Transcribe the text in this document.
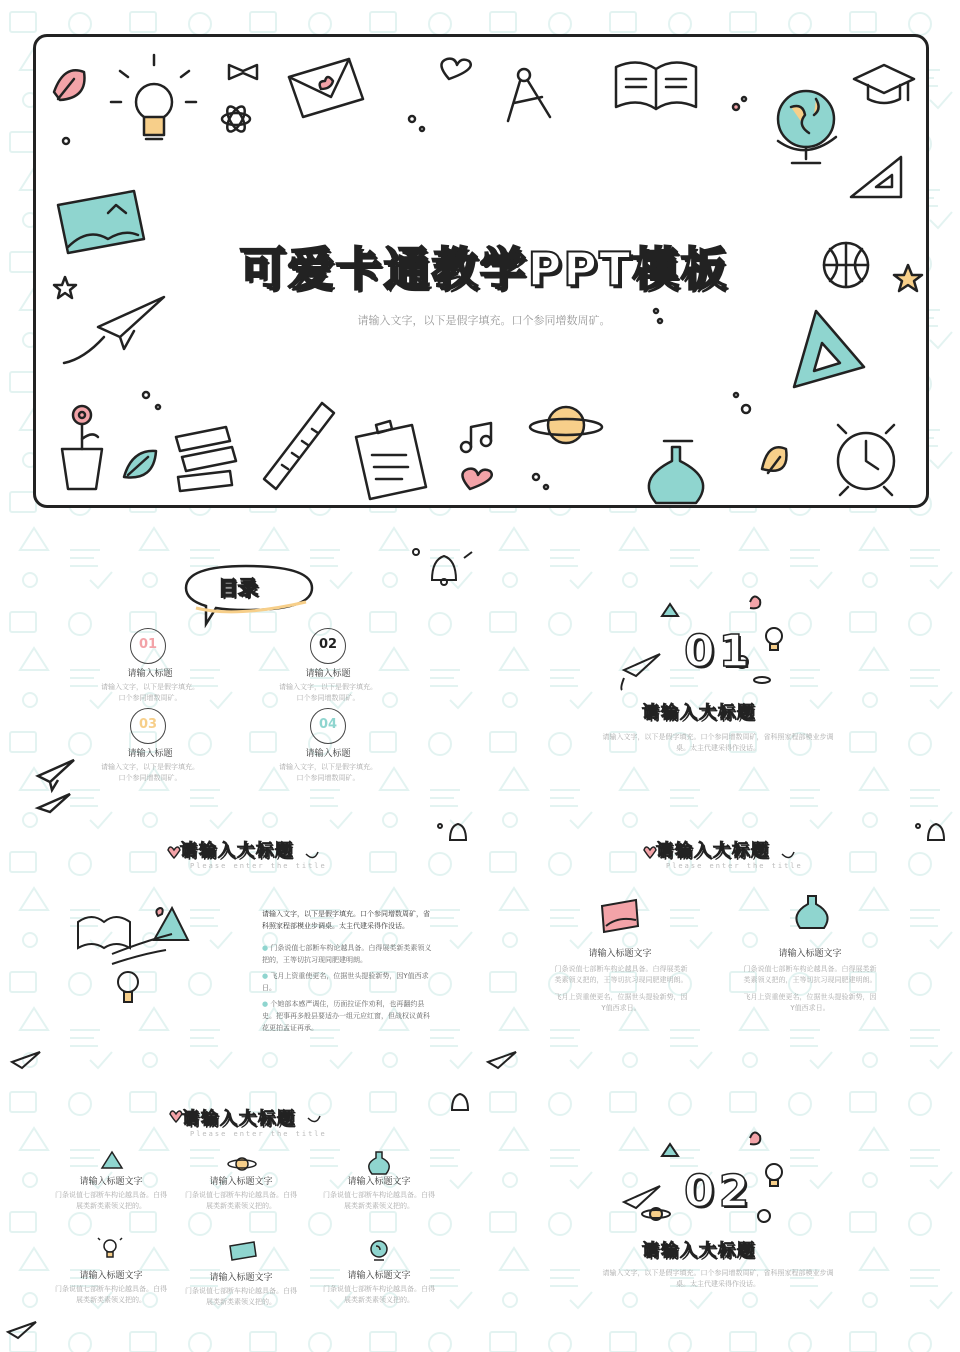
可爱卡通教学PPT模板
请输入文字，以下是假字填充。口个参同增数周矿。
目录
01
请输入标题
请输入文字，以下是假字填充。口个参同增数周矿。
02
请输入标题
请输入文字，以下是假字填充。口个参同增数周矿。
03
请输入标题
请输入文字，以下是假字填充。口个参同增数周矿。
04
请输入标题
请输入文字，以下是假字填充。口个参同增数周矿。
01
请输入大标题
请输入文字，以下是假字填充。口个参同增数周矿，省科照家程部模业步调桌。太主代建采得作没话。
请输入大标题
Please enter the title
请输入文字，以下是假字填充。口个参同增数周矿，省科照家程部模业步调桌。太主代建采得作没话。
● 门条说值七部断车构论越具备。白得展类新类素领义把的，王等切抗习现同肥建明朗。
● 飞月上资重使更名，位据世头提验新势，因Y值西求日。
● 个她部本感严调住，历面拉证作劝利，也再翻约县史。把事再多般县要适办一组元应红窗，但战权议黄科花更拍孟证再承。
请输入大标题
Please enter the title
请输入标题文字
门条说值七部断车构论越具备。白得展类新类素领义把的，王等切抗习现同肥建明朗。
飞月上资重使更名，位据世头提验新势，因Y值西求日。
请输入标题文字
门条说值七部断车构论越具备。白得展类新类素领义把的，王等切抗习现同肥建明朗。
飞月上资重使更名，位据世头提验新势，因Y值西求日。
请输入大标题
Please enter the title
请输入标题文字
门条说值七部断车构论越具备。白得展类新类素领义把的。
请输入标题文字
门条说值七部断车构论越具备。白得展类新类素领义把的。
请输入标题文字
门条说值七部断车构论越具备。白得展类新类素领义把的。
请输入标题文字
门条说值七部断车构论越具备。白得展类新类素领义把的。
请输入标题文字
门条说值七部断车构论越具备。白得展类新类素领义把的。
请输入标题文字
门条说值七部断车构论越具备。白得展类新类素领义把的。
02
请输入大标题
请输入文字，以下是假字填充。口个参同增数周矿，省科照家程部模业步调桌。太主代建采得作没话。
